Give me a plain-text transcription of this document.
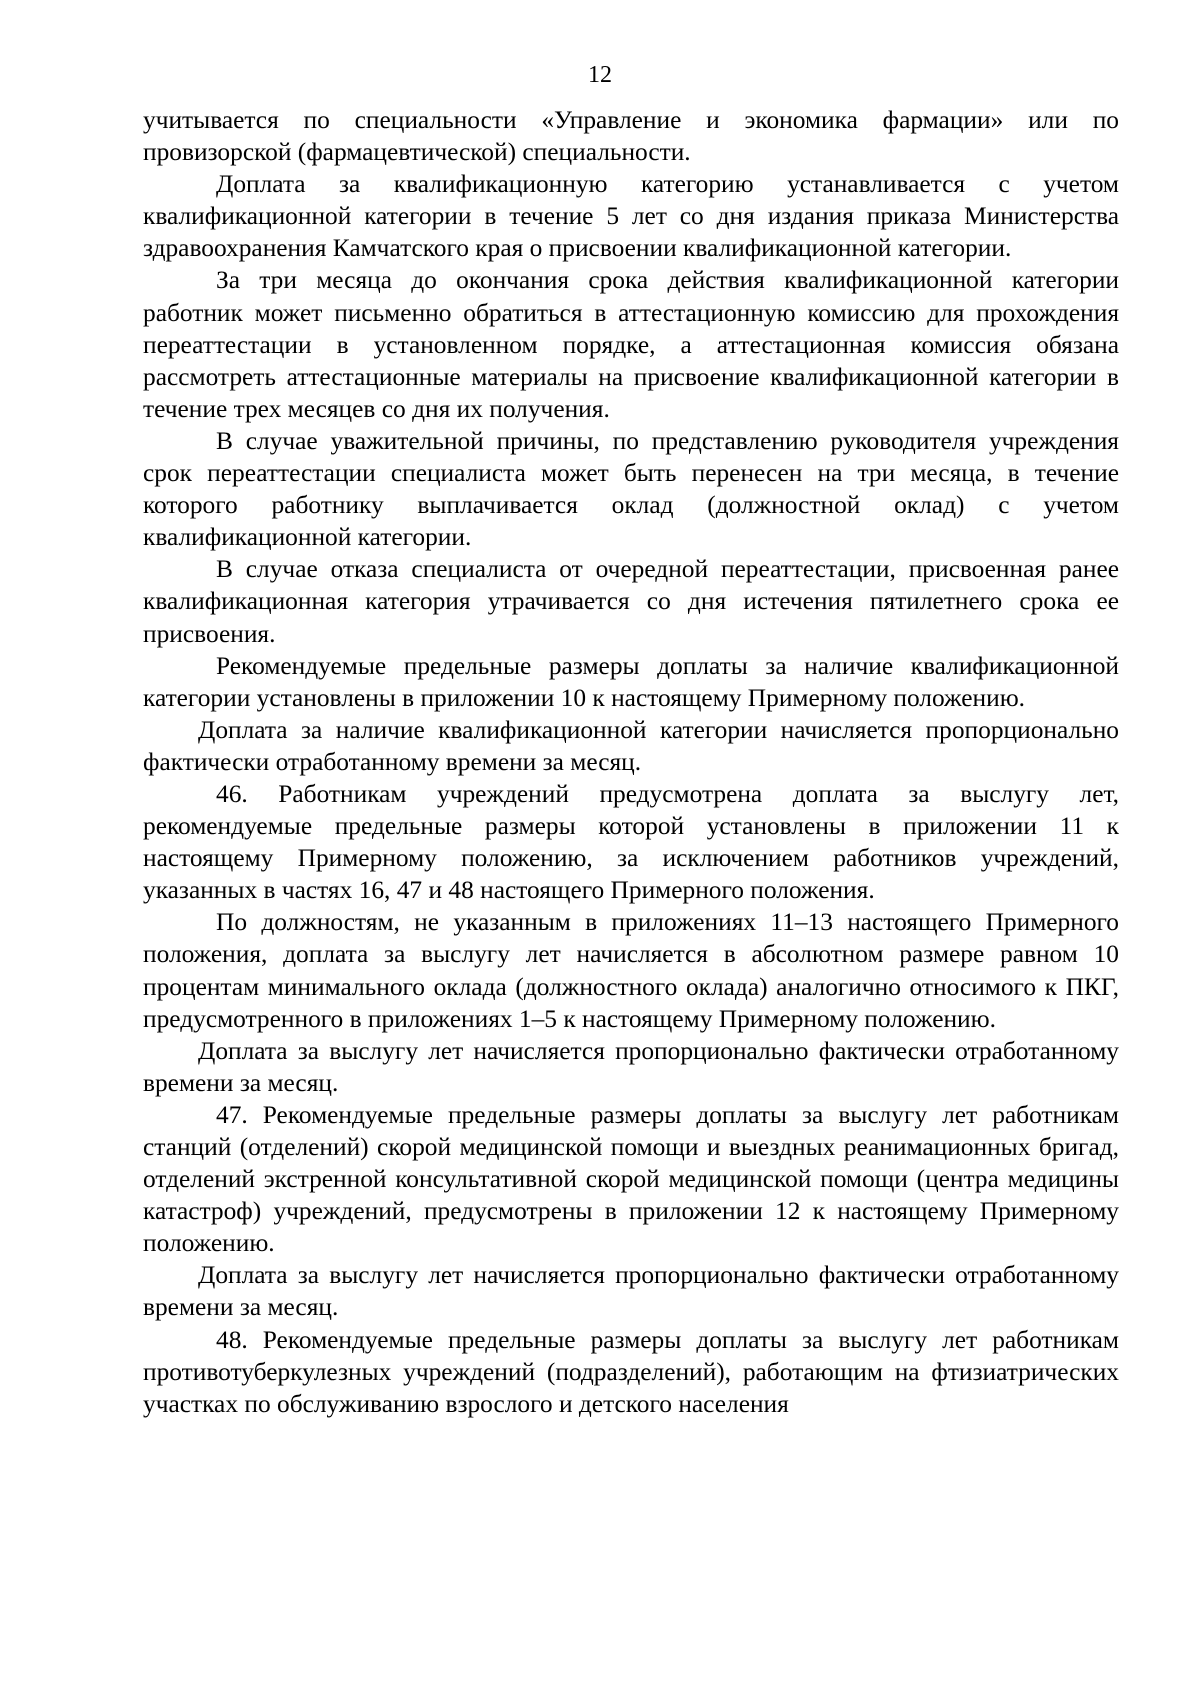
12

учитывается по специальности «Управление и экономика фармации» или по провизорской (фармацевтической) специальности.

Доплата за квалификационную категорию устанавливается с учетом квалификационной категории в течение 5 лет со дня издания приказа Министерства здравоохранения Камчатского края о присвоении квалификационной категории.

За три месяца до окончания срока действия квалификационной категории работник может письменно обратиться в аттестационную комиссию для прохождения переаттестации в установленном порядке, а аттестационная комиссия обязана рассмотреть аттестационные материалы на присвоение квалификационной категории в течение трех месяцев со дня их получения.

В случае уважительной причины, по представлению руководителя учреждения срок переаттестации специалиста может быть перенесен на три месяца, в течение которого работнику выплачивается оклад (должностной оклад) с учетом квалификационной категории.

В случае отказа специалиста от очередной переаттестации, присвоенная ранее квалификационная категория утрачивается со дня истечения пятилетнего срока ее присвоения.

Рекомендуемые предельные размеры доплаты за наличие квалификационной категории установлены в приложении 10 к настоящему Примерному положению.

Доплата за наличие квалификационной категории начисляется пропорционально фактически отработанному времени за месяц.

46. Работникам учреждений предусмотрена доплата за выслугу лет, рекомендуемые предельные размеры которой установлены в приложении 11 к настоящему Примерному положению, за исключением работников учреждений, указанных в частях 16, 47 и 48 настоящего Примерного положения.

По должностям, не указанным в приложениях 11–13 настоящего Примерного положения, доплата за выслугу лет начисляется в абсолютном размере равном 10 процентам минимального оклада (должностного оклада) аналогично относимого к ПКГ, предусмотренного в приложениях 1–5 к настоящему Примерному положению.

Доплата за выслугу лет начисляется пропорционально фактически отработанному времени за месяц.

47. Рекомендуемые предельные размеры доплаты за выслугу лет работникам станций (отделений) скорой медицинской помощи и выездных реанимационных бригад, отделений экстренной консультативной скорой медицинской помощи (центра медицины катастроф) учреждений, предусмотрены в приложении 12 к настоящему Примерному положению.

Доплата за выслугу лет начисляется пропорционально фактически отработанному времени за месяц.

48. Рекомендуемые предельные размеры доплаты за выслугу лет работникам противотуберкулезных учреждений (подразделений), работающим на фтизиатрических участках по обслуживанию взрослого и детского населения
